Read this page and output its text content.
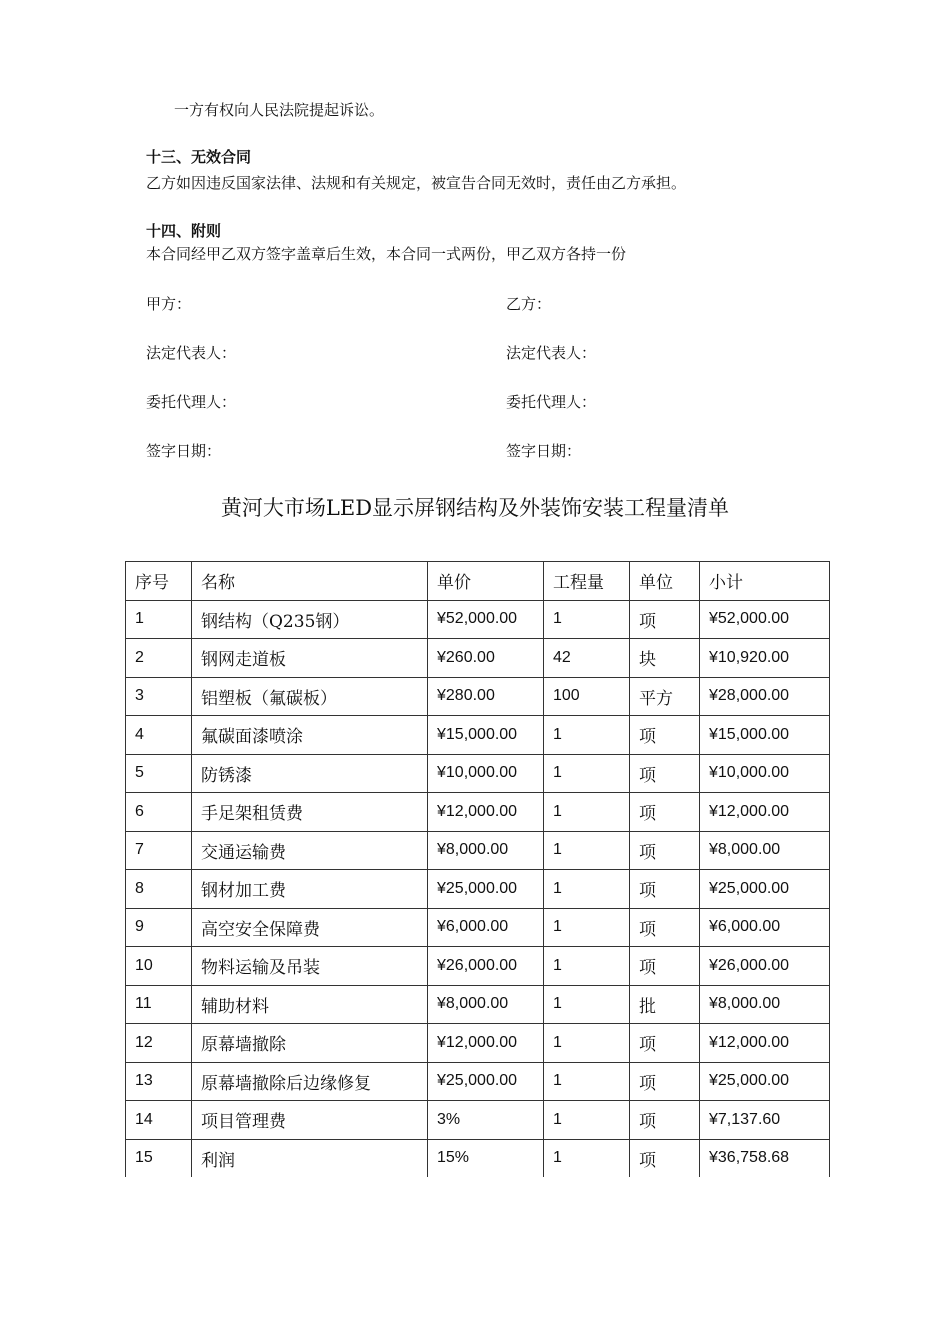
一方有权向人民法院提起诉讼。
十三、无效合同
乙方如因违反国家法律、法规和有关规定，被宣告合同无效时，责任由乙方承担。
十四、附则
本合同经甲乙双方签字盖章后生效，本合同一式两份，甲乙双方各持一份
甲方：	乙方：
法定代表人：	法定代表人：
委托代理人：	委托代理人：
签字日期：	签字日期：
黄河大市场LED显示屏钢结构及外装饰安装工程量清单
序号	名称	单价	工程量	单位	小计
1	钢结构（Q235钢）	¥52,000.00	1	项	¥52,000.00
2	钢网走道板	¥260.00	42	块	¥10,920.00
3	铝塑板（氟碳板）	¥280.00	100	平方	¥28,000.00
4	氟碳面漆喷涂	¥15,000.00	1	项	¥15,000.00
5	防锈漆	¥10,000.00	1	项	¥10,000.00
6	手足架租赁费	¥12,000.00	1	项	¥12,000.00
7	交通运输费	¥8,000.00	1	项	¥8,000.00
8	钢材加工费	¥25,000.00	1	项	¥25,000.00
9	高空安全保障费	¥6,000.00	1	项	¥6,000.00
10	物料运输及吊装	¥26,000.00	1	项	¥26,000.00
11	辅助材料	¥8,000.00	1	批	¥8,000.00
12	原幕墙撤除	¥12,000.00	1	项	¥12,000.00
13	原幕墙撤除后边缘修复	¥25,000.00	1	项	¥25,000.00
14	项目管理费	3%	1	项	¥7,137.60
15	利润	15%	1	项	¥36,758.68
